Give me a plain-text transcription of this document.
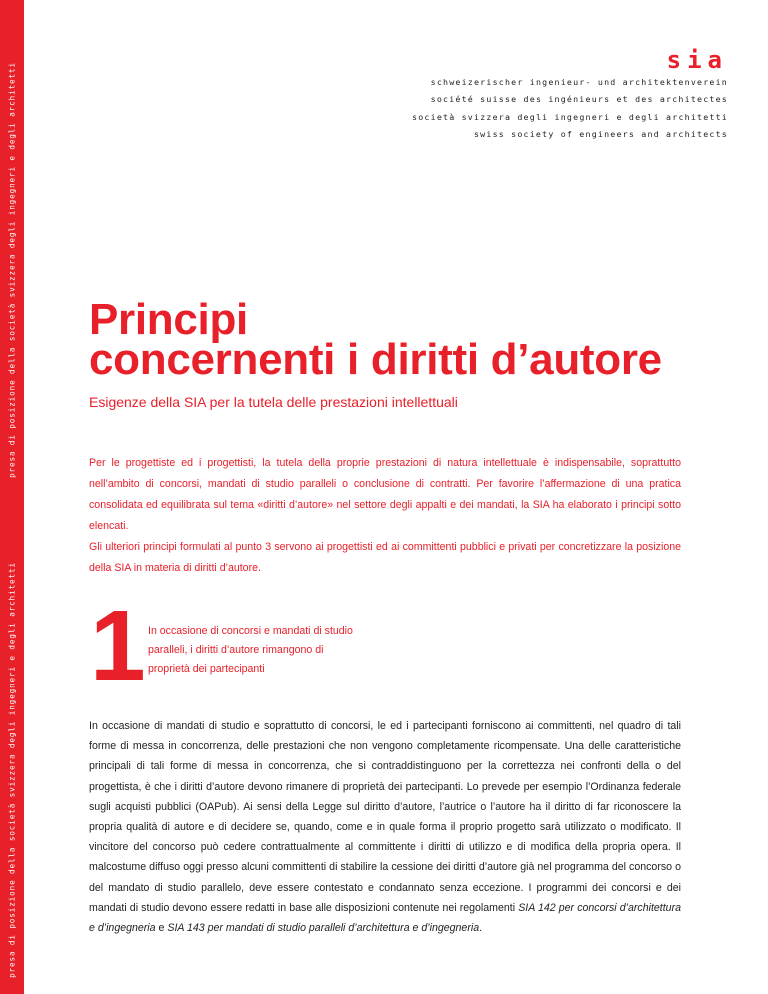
presa di posizione della società svizzera degli ingegneri e degli architetti
presa di posizione della società svizzera degli ingegneri e degli architetti
sia
schweizerischer ingenieur- und architektenverein
société suisse des ingénieurs et des architectes
società svizzera degli ingegneri e degli architetti
swiss society of engineers and architects
Principi
concernenti i diritti d’autore
Esigenze della SIA per la tutela delle prestazioni intellettuali

Per le progettiste ed i progettisti, la tutela della proprie prestazioni di natura intellettuale è indispensabile, soprattutto nell’ambito di concorsi, mandati di studio paralleli o conclusione di contratti. Per favorire l’affermazione di una pratica consolidata ed equilibrata sul tema «diritti d’autore» nel settore degli appalti e dei mandati, la SIA ha elaborato i principi sotto elencati.

Gli ulteriori principi formulati al punto 3 servono ai progettisti ed ai committenti pubblici e privati per concretizzare la posizione della SIA in materia di diritti d’autore.

1 In occasione di concorsi e mandati di studio paralleli, i diritti d’autore rimangono di proprietà dei partecipanti
In occasione di mandati di studio e soprattutto di concorsi, le ed i partecipanti forniscono ai committenti, nel quadro di tali forme di messa in concorrenza, delle prestazioni che non vengono completamente ricompensate. Una delle caratteristiche principali di tali forme di messa in concorrenza, che si contraddistinguono per la correttezza nei confronti della o del progettista, è che i diritti d’autore devono rimanere di proprietà dei partecipanti. Lo prevede per esempio l’Ordinanza federale sugli acquisti pubblici (OAPub). Ai sensi della Legge sul diritto d’autore, l’autrice o l’autore ha il diritto di far riconoscere la propria qualità di autore e di decidere se, quando, come e in quale forma il proprio progetto sarà utilizzato o modificato. Il vincitore del concorso può cedere contrattualmente al committente i diritti di utilizzo e di modifica della propria opera. Il malcostume diffuso oggi presso alcuni committenti di stabilire la cessione dei diritti d’autore già nel programma del concorso o del mandato di studio parallelo, deve essere contestato e condannato senza eccezione. I programmi dei concorsi e dei mandati di studio devono essere redatti in base alle disposizioni contenute nei regolamenti SIA 142 per concorsi d’architettura e d’ingegneria e SIA 143 per mandati di studio paralleli d’architettura e d’ingegneria.
